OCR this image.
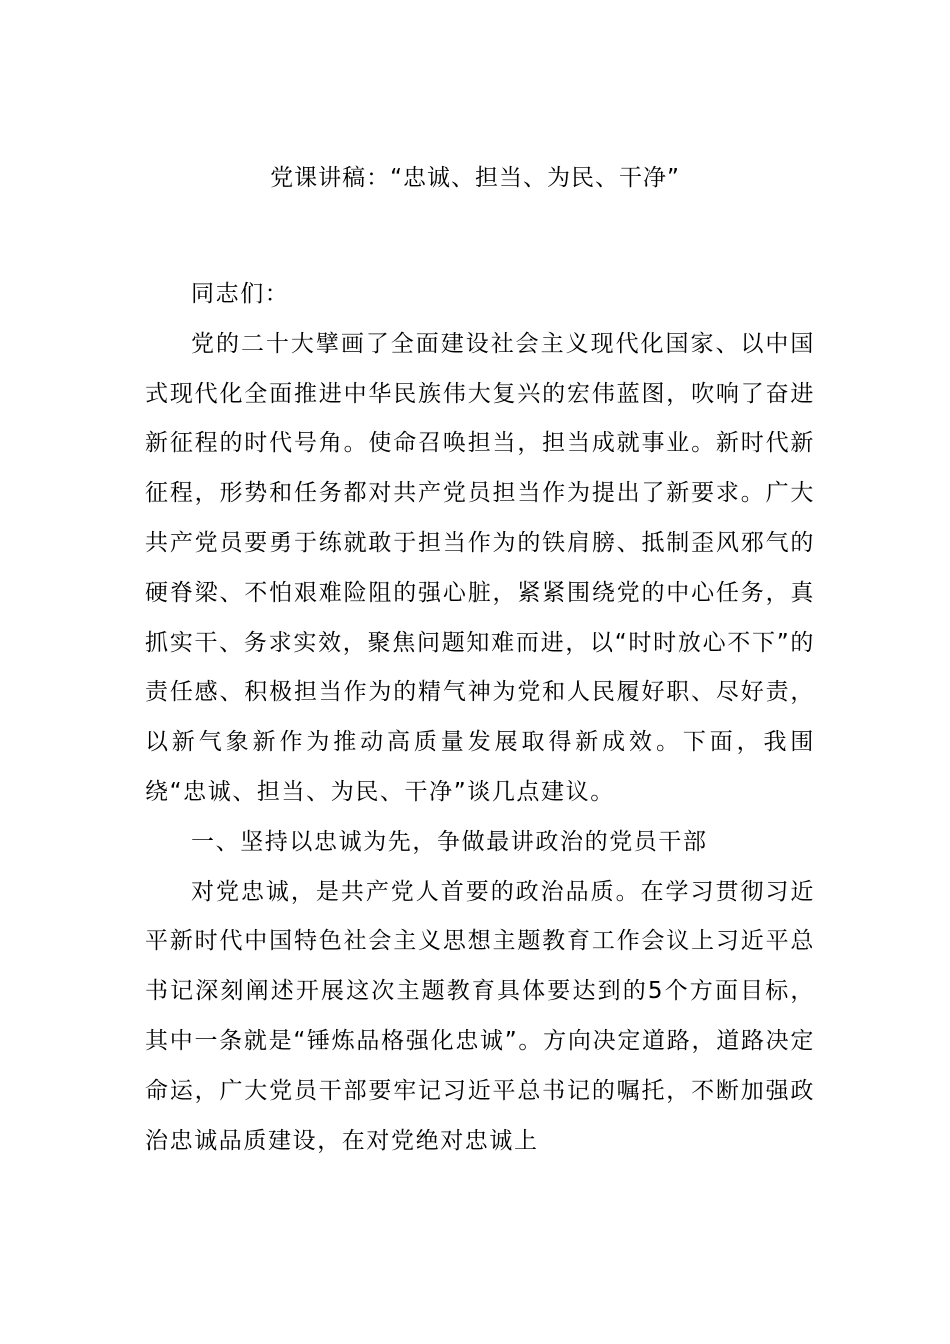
党课讲稿：“忠诚、担当、为民、干净”

同志们：

党的二十大擘画了全面建设社会主义现代化国家、以中国式现代化全面推进中华民族伟大复兴的宏伟蓝图，吹响了奋进新征程的时代号角。使命召唤担当，担当成就事业。新时代新征程，形势和任务都对共产党员担当作为提出了新要求。广大共产党员要勇于练就敢于担当作为的铁肩膀、抵制歪风邪气的硬脊梁、不怕艰难险阻的强心脏，紧紧围绕党的中心任务，真抓实干、务求实效，聚焦问题知难而进，以“时时放心不下”的责任感、积极担当作为的精气神为党和人民履好职、尽好责，以新气象新作为推动高质量发展取得新成效。下面，我围绕“忠诚、担当、为民、干净”谈几点建议。

一、坚持以忠诚为先，争做最讲政治的党员干部

对党忠诚，是共产党人首要的政治品质。在学习贯彻习近平新时代中国特色社会主义思想主题教育工作会议上习近平总书记深刻阐述开展这次主题教育具体要达到的5个方面目标，其中一条就是“锤炼品格强化忠诚”。方向决定道路，道路决定命运，广大党员干部要牢记习近平总书记的嘱托，不断加强政治忠诚品质建设，在对党绝对忠诚上
